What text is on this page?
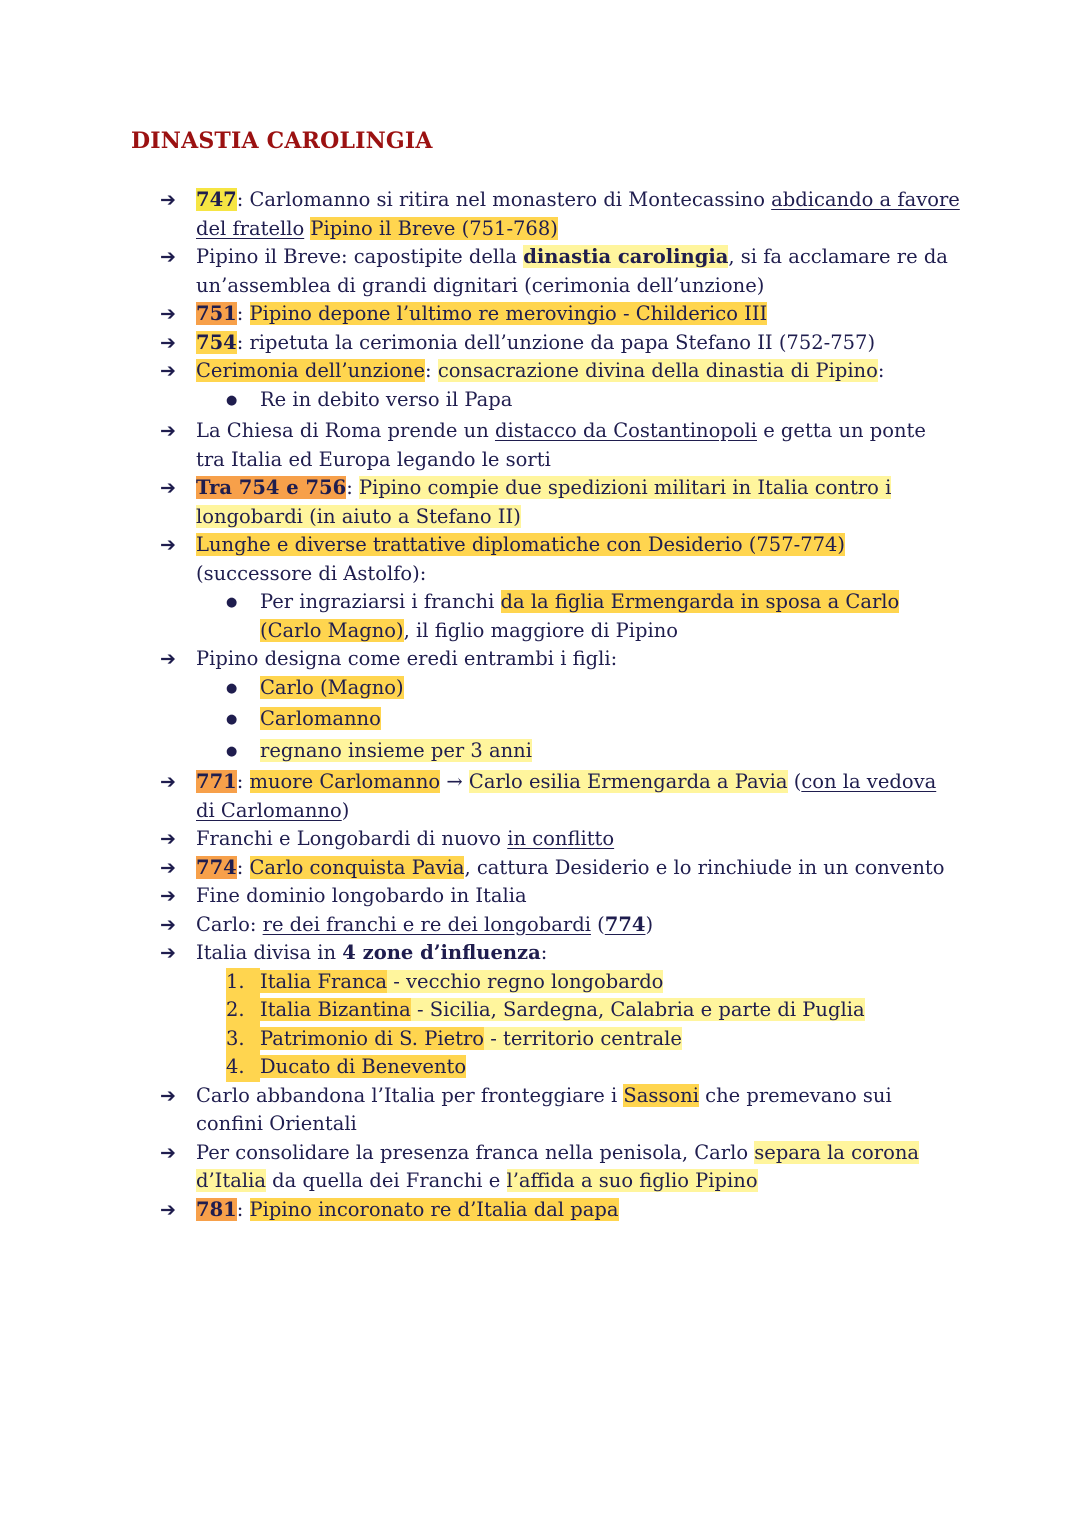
DINASTIA CAROLINGIA
➔	747: Carlomanno si ritira nel monastero di Montecassino abdicando a favore del fratello Pipino il Breve (751-768)
➔	Pipino il Breve: capostipite della dinastia carolingia, si fa acclamare re da un’assemblea di grandi dignitari (cerimonia dell’unzione)
➔	751: Pipino depone l’ultimo re merovingio - Childerico III
➔	754: ripetuta la cerimonia dell’unzione da papa Stefano II (752-757)
➔	Cerimonia dell’unzione: consacrazione divina della dinastia di Pipino:
●
Re in debito verso il Papa
➔	La Chiesa di Roma prende un distacco da Costantinopoli e getta un ponte tra Italia ed Europa legando le sorti
➔	Tra 754 e 756: Pipino compie due spedizioni militari in Italia contro i longobardi (in aiuto a Stefano II)
➔	Lunghe e diverse trattative diplomatiche con Desiderio (757-774) (successore di Astolfo):
●
Per ingraziarsi i franchi da la figlia Ermengarda in sposa a Carlo (Carlo Magno), il figlio maggiore di Pipino
➔	Pipino designa come eredi entrambi i figli:
●
Carlo (Magno)
●
Carlomanno
●
regnano insieme per 3 anni
➔	771: muore Carlomanno → Carlo esilia Ermengarda a Pavia (con la vedova di Carlomanno)
➔	Franchi e Longobardi di nuovo in conflitto
➔	774: Carlo conquista Pavia, cattura Desiderio e lo rinchiude in un convento
➔	Fine dominio longobardo in Italia
➔	Carlo: re dei franchi e re dei longobardi (774)
➔	Italia divisa in 4 zone d’influenza:
1. Italia Franca - vecchio regno longobardo
2. Italia Bizantina - Sicilia, Sardegna, Calabria e parte di Puglia
3. Patrimonio di S. Pietro - territorio centrale
4. Ducato di Benevento
➔	Carlo abbandona l’Italia per fronteggiare i Sassoni che premevano sui confini Orientali
➔	Per consolidare la presenza franca nella penisola, Carlo separa la corona d’Italia da quella dei Franchi e l’affida a suo figlio Pipino
➔	781: Pipino incoronato re d’Italia dal papa
